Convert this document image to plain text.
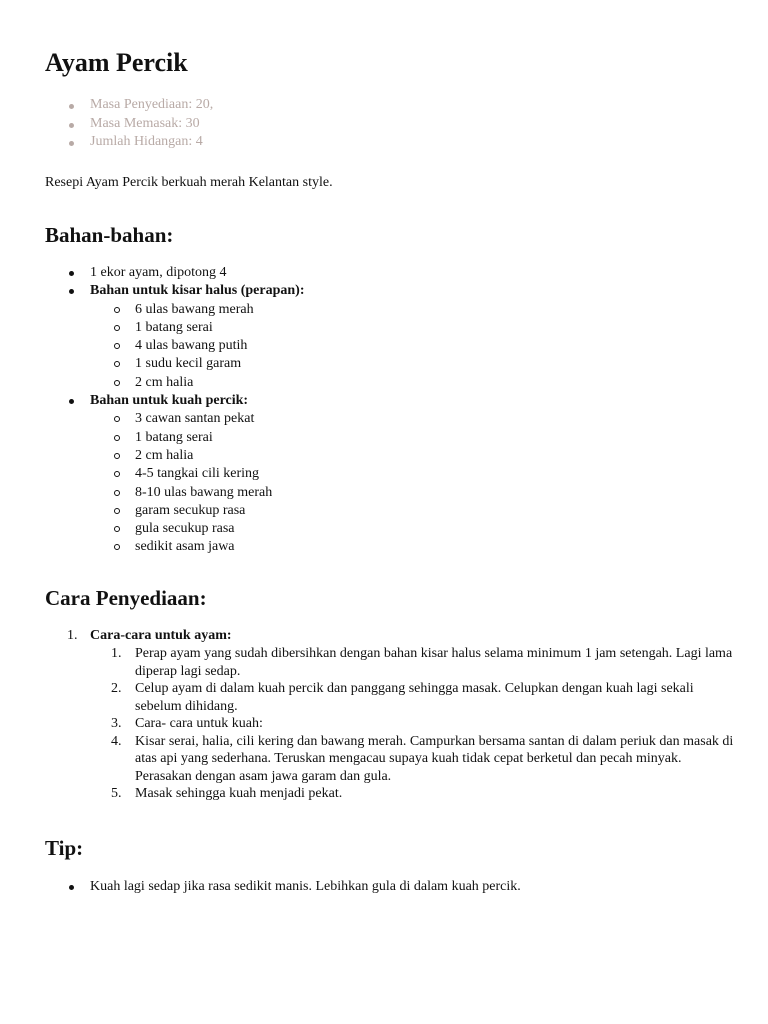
Ayam Percik
Masa Penyediaan: 20,
Masa Memasak: 30
Jumlah Hidangan: 4

Resepi Ayam Percik berkuah merah Kelantan style.

Bahan-bahan:
1 ekor ayam, dipotong 4
Bahan untuk kisar halus (perapan):
6 ulas bawang merah
1 batang serai
4 ulas bawang putih
1 sudu kecil garam
2 cm halia
Bahan untuk kuah percik:
3 cawan santan pekat
1 batang serai
2 cm halia
4-5 tangkai cili kering
8-10 ulas bawang merah
garam secukup rasa
gula secukup rasa
sedikit asam jawa
Cara Penyediaan:
1. Cara-cara untuk ayam:
1. Perap ayam yang sudah dibersihkan dengan bahan kisar halus selama minimum 1 jam setengah. Lagi lama diperap lagi sedap.
2. Celup ayam di dalam kuah percik dan panggang sehingga masak. Celupkan dengan kuah lagi sekali sebelum dihidang.
3. Cara- cara untuk kuah:
4. Kisar serai, halia, cili kering dan bawang merah. Campurkan bersama santan di dalam periuk dan masak di atas api yang sederhana. Teruskan mengacau supaya kuah tidak cepat berketul dan pecah minyak. Perasakan dengan asam jawa garam dan gula.
5. Masak sehingga kuah menjadi pekat.
Tip:
Kuah lagi sedap jika rasa sedikit manis. Lebihkan gula di dalam kuah percik.
